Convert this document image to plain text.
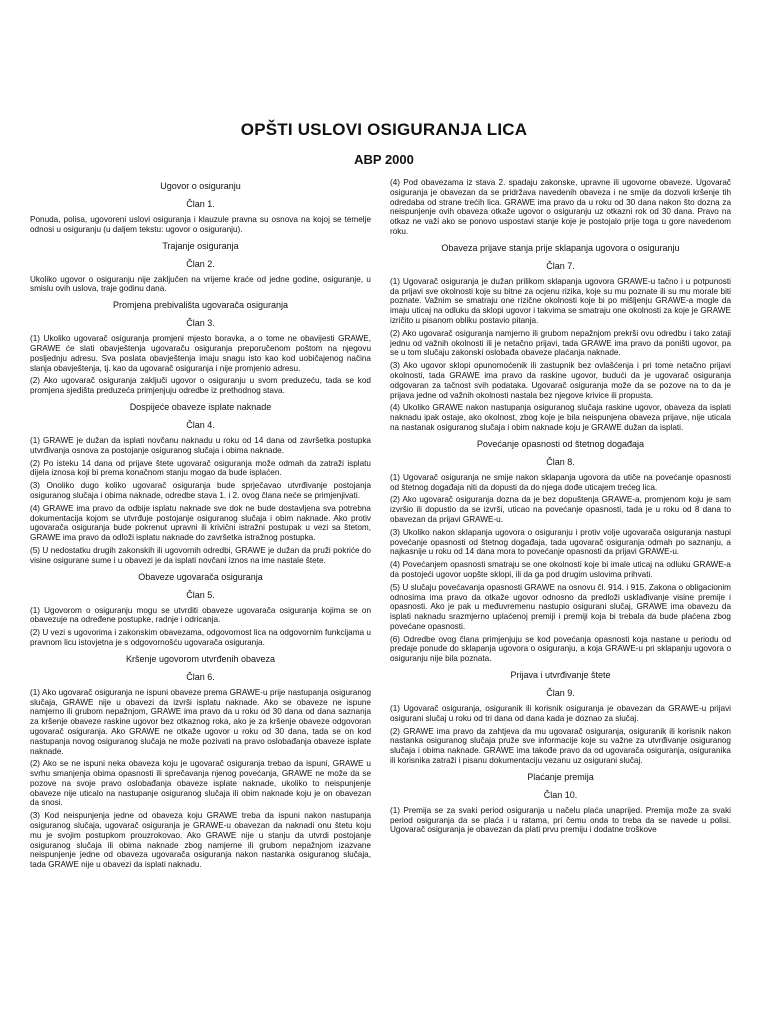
OPŠTI USLOVI OSIGURANJA LICA
ABP 2000
Ugovor o osiguranju
Član 1.

Ponuda, polisa, ugovoreni uslovi osiguranja i klauzule pravna su osnova na kojoj se temelje odnosi u osiguranju (u daljem tekstu: ugovor o osiguranju).

Trajanje osiguranja
Član 2.

Ukoliko ugovor o osiguranju nije zaključen na vrijeme kraće od jedne godine, osiguranje, u smislu ovih uslova, traje godinu dana.

Promjena prebivališta ugovarača osiguranja
Član 3.

(1) Ukoliko ugovarač osiguranja promjeni mjesto boravka, a o tome ne obavijesti GRAWE, GRAWE će slati obavještenja ugovaraču osiguranja preporučenom poštom na njegovu posljednju adresu. Sva poslata obavještenja imaju snagu isto kao kod uobičajenog načina slanja obavještenja, tj. kao da ugovarač osiguranja i nije promjenio adresu.

(2) Ako ugovarač osiguranja zaključi ugovor o osiguranju u svom preduzeću, tada se kod promjena sjedišta preduzeća primjenjuju odredbe iz prethodnog stava.

Dospijeće obaveze isplate naknade
Član 4.

(1) GRAWE je dužan da isplati novčanu naknadu u roku od 14 dana od završetka postupka utvrđivanja osnova za postojanje osiguranog slučaja i obima naknade.

(2) Po isteku 14 dana od prijave štete ugovarač osiguranja može odmah da zatraži isplatu dijela iznosa koji bi prema konačnom stanju mogao da bude isplaćen.

(3) Onoliko dugo koliko ugovarač osiguranja bude sprječavao utvrđivanje postojanja osiguranog slučaja i obima naknade, odredbe stava 1. i 2. ovog člana neće se primjenjivati.

(4) GRAWE ima pravo da odbije isplatu naknade sve dok ne bude dostavljena sva potrebna dokumentacija kojom se utvrđuje postojanje osiguranog slučaja i obim naknade. Ako protiv ugovarača osiguranja bude pokrenut upravni ili krivični istražni postupak u vezi sa štetom, GRAWE ima pravo da odloži isplatu naknade do završetka istražnog postupka.

(5) U nedostatku drugih zakonskih ili ugovornih odredbi, GRAWE je dužan da pruži pokriće do visine osigurane sume i u obavezi je da isplati novčani iznos na ime nastale štete.

Obaveze ugovarača osiguranja
Član 5.

(1) Ugovorom o osiguranju mogu se utvrditi obaveze ugovarača osiguranja kojima se on obavezuje na određene postupke, radnje i odricanja.

(2) U vezi s ugovorima i zakonskim obavezama, odgovornost lica na odgovornim funkcijama u pravnom licu istovjetna je s odgovornošću ugovarača osiguranja.

Kršenje ugovorom utvrđenih obaveza
Član 6.

(1) Ako ugovarač osiguranja ne ispuni obaveze prema GRAWE-u prije nastupanja osiguranog slučaja, GRAWE nije u obavezi da izvrši isplatu naknade. Ako se obaveze ne ispune namjerno ili grubom nepažnjom, GRAWE ima pravo da u roku od 30 dana od dana saznanja za kršenje obaveze raskine ugovor bez otkaznog roka, ako je za kršenje obaveze odgovoran ugovarač osiguranja. Ako GRAWE ne otkaže ugovor u roku od 30 dana, tada se on kod nastupanja novog osiguranog slučaja ne može pozivati na pravo oslobađanja obaveze isplate naknade.

(2) Ako se ne ispuni neka obaveza koju je ugovarač osiguranja trebao da ispuni, GRAWE u svrhu smanjenja obima opasnosti ili sprečavanja njenog povećanja, GRAWE ne može da se pozove na svoje pravo oslobađanja obaveze isplate naknade, ukoliko to neispunjenje obaveze nije uticalo na nastupanje osiguranog slučaja ili obim naknade koju je on obavezan da snosi.

(3) Kod neispunjenja jedne od obaveza koju GRAWE treba da ispuni nakon nastupanja osiguranog slučaja, ugovarač osiguranja je GRAWE-u obavezan da naknadi onu štetu koju mu je svojim postupkom prouzrokovao. Ako GRAWE nije u stanju da utvrdi postojanje osiguranog slučaja ili obima naknade zbog namjerne ili grubom nepažnjom izazvane neispunjenje jedne od obaveza ugovarača osiguranja nakon nastanka osiguranog slučaja, tada GRAWE nije u obavezi da isplati naknadu.

(4) Pod obavezama iz stava 2. spadaju zakonske, upravne ili ugovorne obaveze. Ugovarač osiguranja je obavezan da se pridržava navedenih obaveza i ne smije da dozvoli kršenje tih odredaba od strane trećih lica. GRAWE ima pravo da u roku od 30 dana nakon što dozna za neispunjenje ovih obaveza otkaže ugovor o osiguranju uz otkazni rok od 30 dana. Pravo na otkaz ne važi ako se ponovo uspostavi stanje koje je postojalo prije toga u gore navedenom roku.

Obaveza prijave stanja prije sklapanja ugovora o osiguranju
Član 7.

(1) Ugovarač osiguranja je dužan prilikom sklapanja ugovora GRAWE-u tačno i u potpunosti da prijavi sve okolnosti koje su bitne za ocjenu rizika, koje su mu poznate ili su mu morale biti poznate. Važnim se smatraju one rizične okolnosti koje bi po mišljenju GRAWE-a mogle da imaju uticaj na odluku da sklopi ugovor i takvima se smatraju one okolnosti za koje je GRAWE izričito u pisanom obliku postavio pitanja.

(2) Ako ugovarač osiguranja namjerno ili grubom nepažnjom prekrši ovu odredbu i tako zataji jednu od važnih okolnosti ili je netačno prijavi, tada GRAWE ima pravo da poništi ugovor, pa se u tom slučaju zakonski oslobađa obaveze plaćanja naknade.

(3) Ako ugovor sklopi opunomoćenik ili zastupnik bez ovlašćenja i pri tome netačno prijavi okolnosti, tada GRAWE ima pravo da raskine ugovor, budući da je ugovarač osiguranja odgovaran za tačnost svih podataka. Ugovarač osiguranja može da se pozove na to da je prijava jedne od važnih okolnosti nastala bez njegove krivice ili propusta.

(4) Ukoliko GRAWE nakon nastupanja osiguranog slučaja raskine ugovor, obaveza da isplati naknadu ipak ostaje, ako okolnost, zbog koje je bila neispunjena obaveza prijave, nije uticala na nastanak osiguranog slučaja i obim naknade koju je GRAWE dužan da isplati.

Povećanje opasnosti od štetnog događaja
Član 8.

(1) Ugovarač osiguranja ne smije nakon sklapanja ugovora da utiče na povećanje opasnosti od štetnog događaja niti da dopusti da do njega dođe uticajem trećeg lica.

(2) Ako ugovarač osiguranja dozna da je bez dopuštenja GRAWE-a, promjenom koju je sam izvršio ili dopustio da se izvrši, uticao na povećanje opasnosti, tada je u roku od 8 dana to obavezan da prijavi GRAWE-u.

(3) Ukoliko nakon sklapanja ugovora o osiguranju i protiv volje ugovarača osiguranja nastupi povećanje opasnosti od štetnog događaja, tada ugovarač osiguranja odmah po saznanju, a najkasnije u roku od 14 dana mora to povećanje opasnosti da prijavi GRAWE-u.

(4) Povećanjem opasnosti smatraju se one okolnosti koje bi imale uticaj na odluku GRAWE-a da postojeći ugovor uopšte sklopi, ili da ga pod drugim uslovima prihvati.

(5) U slučaju povećavanja opasnosti GRAWE na osnovu čl. 914. i 915. Zakona o obligacionim odnosima ima pravo da otkaže ugovor odnosno da predloži usklađivanje visine premije i opasnosti. Ako je pak u međuvremenu nastupio osigurani slučaj, GRAWE ima obavezu da isplati naknadu srazmjerno uplaćenoj premiji i premiji koja bi trebala da bude plaćena zbog povećane opasnosti.

(6) Odredbe ovog člana primjenjuju se kod povećanja opasnosti koja nastane u periodu od predaje ponude do sklapanja ugovora o osiguranju, a koja GRAWE-u pri sklapanju ugovora o osiguranju nije bila poznata.

Prijava i utvrđivanje štete
Član 9.

(1) Ugovarač osiguranja, osiguranik ili korisnik osiguranja je obavezan da GRAWE-u prijavi osigurani slučaj u roku od tri dana od dana kada je doznao za slučaj.

(2) GRAWE ima pravo da zahtjeva da mu ugovarač osiguranja, osiguranik ili korisnik nakon nastanka osiguranog slučaja pruže sve informacije koje su važne za utvrđivanje osiguranog slučaja i obima naknade. GRAWE ima takođe pravo da od ugovarača osiguranja, osiguranika ili korisnika zatraži i pisanu dokumentaciju vezanu uz osigurani slučaj.

Plaćanje premija
Član 10.

(1) Premija se za svaki period osiguranja u načelu plaća unaprijed. Premija može za svaki period osiguranja da se plaća i u ratama, pri čemu onda to treba da se navede u polisi. Ugovarač osiguranja je obavezan da plati prvu premiju i dodatne troškove
